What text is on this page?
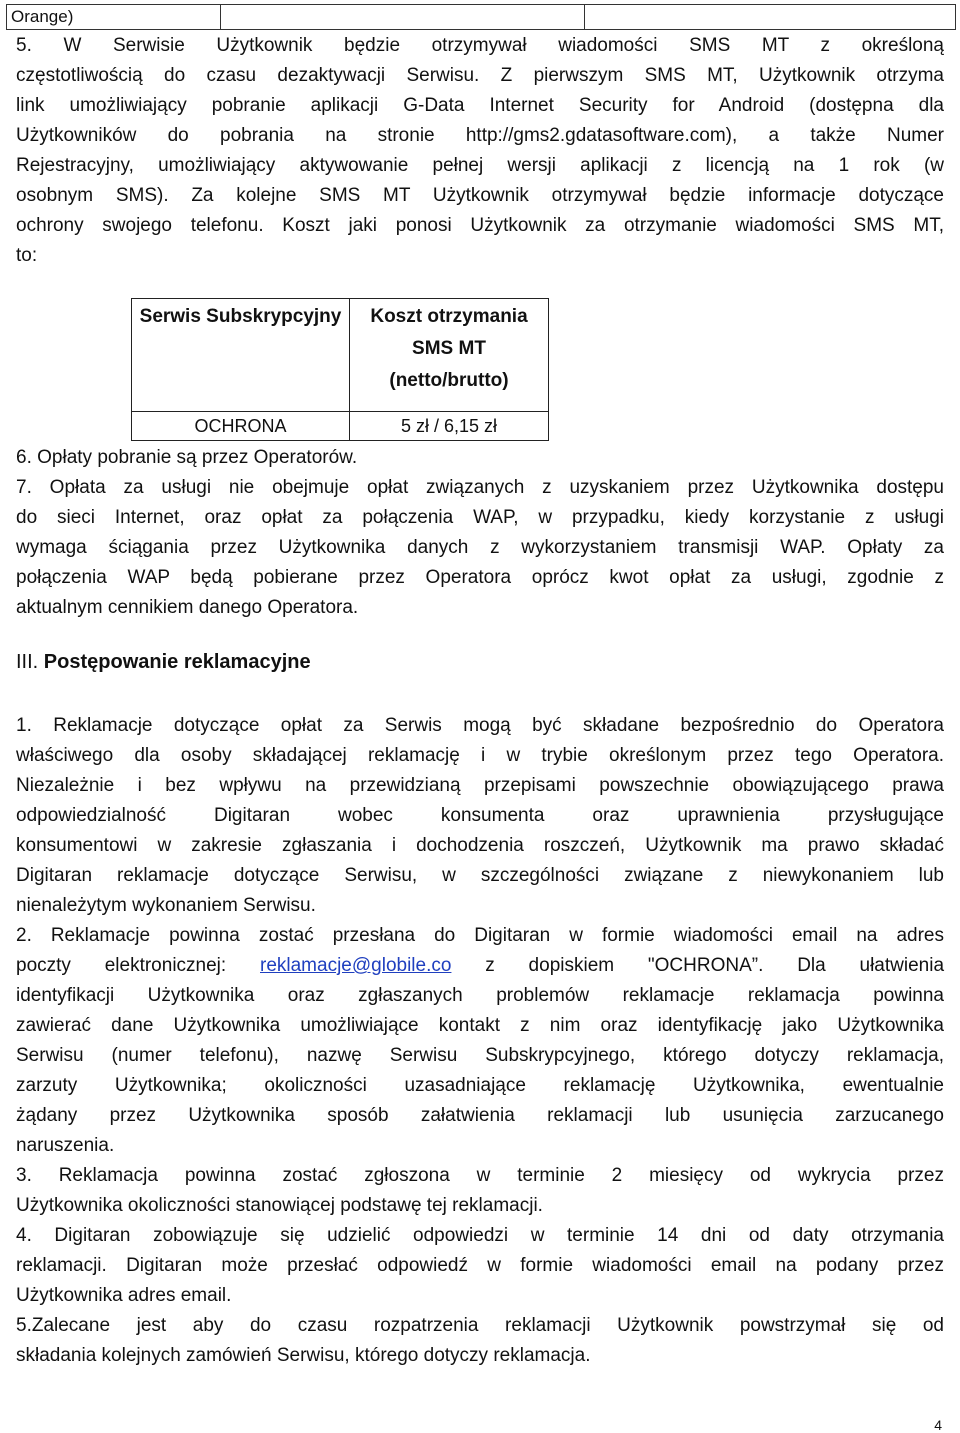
Orange)		
5. W Serwisie Użytkownik będzie otrzymywał wiadomości SMS MT z określoną
częstotliwością do czasu dezaktywacji Serwisu. Z pierwszym SMS MT, Użytkownik otrzyma
link umożliwiający pobranie aplikacji G-Data Internet Security for Android (dostępna dla
Użytkowników do pobrania na stronie http://gms2.gdatasoftware.com), a także Numer
Rejestracyjny, umożliwiający aktywowanie pełnej wersji aplikacji z licencją na 1 rok (w
osobnym SMS). Za kolejne SMS MT Użytkownik otrzymywał będzie informacje dotyczące
ochrony swojego telefonu. Koszt jaki ponosi Użytkownik za otrzymanie wiadomości SMS MT,
to:
Serwis Subskrypcyjny	Koszt otrzymania SMS MT (netto/brutto)
OCHRONA	5 zł / 6,15 zł
6. Opłaty pobranie są przez Operatorów.
7. Opłata za usługi nie obejmuje opłat związanych z uzyskaniem przez Użytkownika dostępu
do sieci Internet, oraz opłat za połączenia WAP, w przypadku, kiedy korzystanie z usługi
wymaga ściągania przez Użytkownika danych z wykorzystaniem transmisji WAP. Opłaty za
połączenia WAP będą pobierane przez Operatora oprócz kwot opłat za usługi, zgodnie z
aktualnym cennikiem danego Operatora.
III. Postępowanie reklamacyjne
1. Reklamacje dotyczące opłat za Serwis mogą być składane bezpośrednio do Operatora
właściwego dla osoby składającej reklamację i w trybie określonym przez tego Operatora.
Niezależnie i bez wpływu na przewidzianą przepisami powszechnie obowiązującego prawa
odpowiedzialność Digitaran wobec konsumenta oraz uprawnienia przysługujące
konsumentowi w zakresie zgłaszania i dochodzenia roszczeń, Użytkownik ma prawo składać
Digitaran reklamacje dotyczące Serwisu, w szczególności związane z niewykonaniem lub
nienależytym wykonaniem Serwisu.
2. Reklamacje powinna zostać przesłana do Digitaran w formie wiadomości email na adres
poczty elektronicznej: reklamacje@globile.co z dopiskiem "OCHRONA”. Dla ułatwienia
identyfikacji Użytkownika oraz zgłaszanych problemów reklamacje reklamacja powinna
zawierać dane Użytkownika umożliwiające kontakt z nim oraz identyfikację jako Użytkownika
Serwisu (numer telefonu), nazwę Serwisu Subskrypcyjnego, którego dotyczy reklamacja,
zarzuty Użytkownika; okoliczności uzasadniające reklamację Użytkownika, ewentualnie
żądany przez Użytkownika sposób załatwienia reklamacji lub usunięcia zarzucanego
naruszenia.
3. Reklamacja powinna zostać zgłoszona w terminie 2 miesięcy od wykrycia przez
Użytkownika okoliczności stanowiącej podstawę tej reklamacji.
4. Digitaran zobowiązuje się udzielić odpowiedzi w terminie 14 dni od daty otrzymania
reklamacji. Digitaran może przesłać odpowiedź w formie wiadomości email na podany przez
Użytkownika adres email.
5.Zalecane jest aby do czasu rozpatrzenia reklamacji Użytkownik powstrzymał się od
składania kolejnych zamówień Serwisu, którego dotyczy reklamacja.
4
